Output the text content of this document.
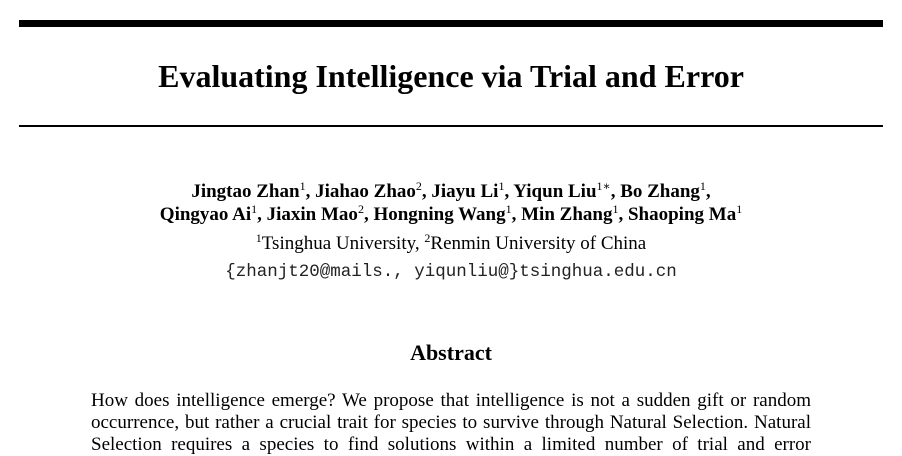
Evaluating Intelligence via Trial and Error
Jingtao Zhan$^1$, Jiahao Zhao$^2$, Jiayu Li$^1$, Yiqun Liu$^{1∗}$, Bo Zhang$^1$,
Qingyao Ai$^1$, Jiaxin Mao$^2$, Hongning Wang$^1$, Min Zhang$^1$, Shaoping Ma$^1$
$^1$Tsinghua University, $^2$Renmin University of China
{zhanjt20@mails., yiqunliu@}tsinghua.edu.cn
Abstract
How does intelligence emerge? We propose that intelligence is not a sudden gift or random
occurrence, but rather a crucial trait for species to survive through Natural Selection. Natural
Selection requires a species to find solutions within a limited number of trial and error
